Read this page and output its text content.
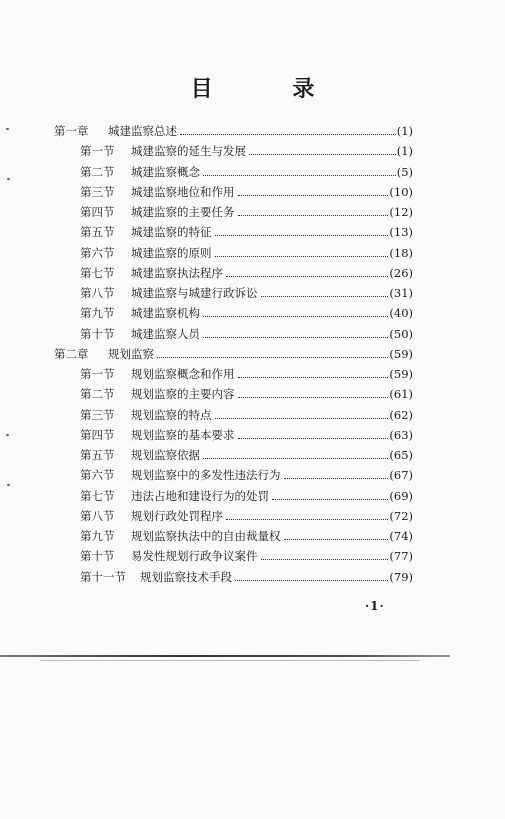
目 录
第一章	城建监察总述	(1)
第一节	城建监察的延生与发展	(1)
第二节	城建监察概念	(5)
第三节	城建监察地位和作用	(10)
第四节	城建监察的主要任务	(12)
第五节	城建监察的特征	(13)
第六节	城建监察的原则	(18)
第七节	城建监察执法程序	(26)
第八节	城建监察与城建行政诉讼	(31)
第九节	城建监察机构	(40)
第十节	城建监察人员	(50)
第二章	规划监察	(59)
第一节	规划监察概念和作用	(59)
第二节	规划监察的主要内容	(61)
第三节	规划监察的特点	(62)
第四节	规划监察的基本要求	(63)
第五节	规划监察依据	(65)
第六节	规划监察中的多发性违法行为	(67)
第七节	违法占地和建设行为的处罚	(69)
第八节	规划行政处罚程序	(72)
第九节	规划监察执法中的自由裁量权	(74)
第十节	易发性规划行政争议案件	(77)
第十一节	规划监察技术手段	(79)
·1·
